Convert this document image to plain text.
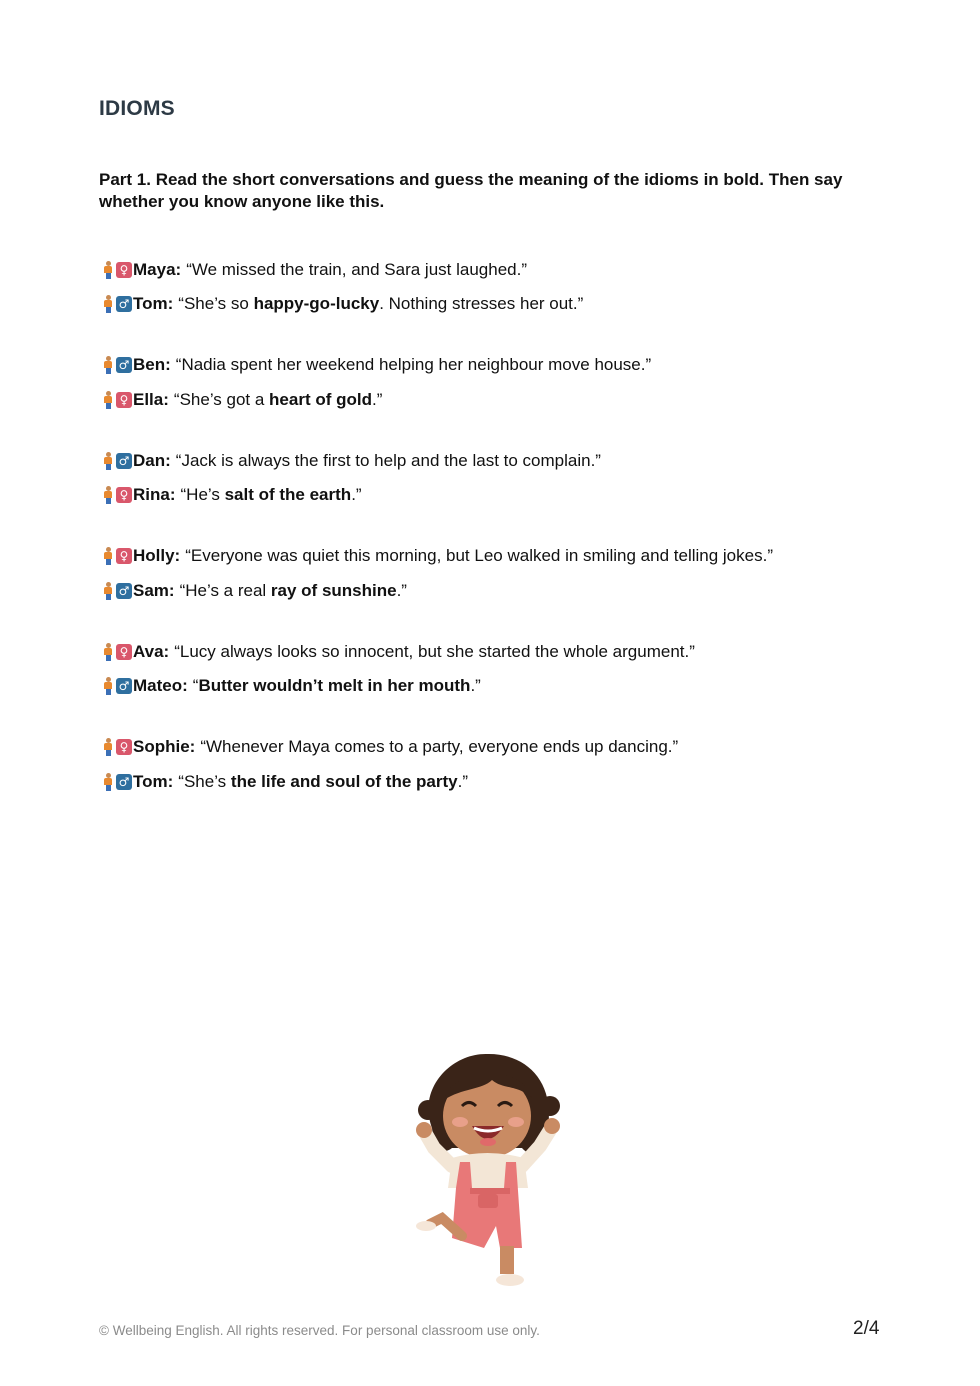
IDIOMS
Part 1. Read the short conversations and guess the meaning of the idioms in bold. Then say whether you know anyone like this.
♀ Maya: “We missed the train, and Sara just laughed.”
♂ Tom: “She’s so happy-go-lucky. Nothing stresses her out.”
♂ Ben: “Nadia spent her weekend helping her neighbour move house.”
♀ Ella: “She’s got a heart of gold.”
♂ Dan: “Jack is always the first to help and the last to complain.”
♀ Rina: “He’s salt of the earth.”
♀ Holly: “Everyone was quiet this morning, but Leo walked in smiling and telling jokes.”
♂ Sam: “He’s a real ray of sunshine.”
♀ Ava: “Lucy always looks so innocent, but she started the whole argument.”
♂ Mateo: “Butter wouldn’t melt in her mouth.”
♀ Sophie: “Whenever Maya comes to a party, everyone ends up dancing.”
♂ Tom: “She’s the life and soul of the party.”
© Wellbeing English. All rights reserved. For personal classroom use only.	2/4
